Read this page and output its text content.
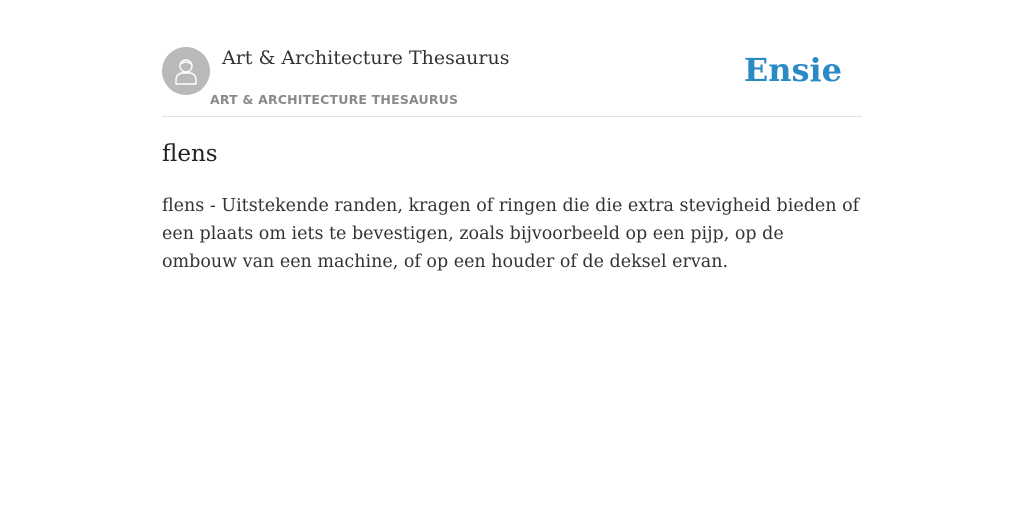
Art & Architecture Thesaurus
ART & ARCHITECTURE THESAURUS
Ensie
flens

flens - Uitstekende randen, kragen of ringen die die extra stevigheid bieden of een plaats om iets te bevestigen, zoals bijvoorbeeld op een pijp, op de ombouw van een machine, of op een houder of de deksel ervan.
